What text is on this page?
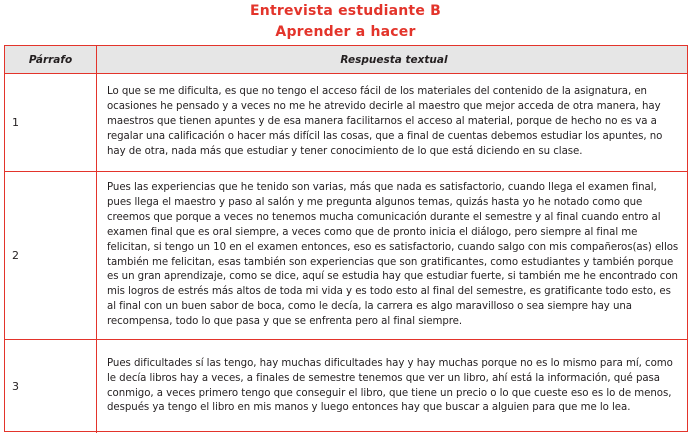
Entrevista estudiante B
Aprender a hacer
Párrafo	Respuesta textual
1

Lo que se me dificulta, es que no tengo el acceso fácil de los materiales del contenido de la asignatura, en ocasiones he pensado y a veces no me he atrevido decirle al maestro que mejor acceda de otra manera, hay maestros que tienen apuntes y de esa manera facilitarnos el acceso al material, porque de hecho no es va a regalar una calificación o hacer más difícil las cosas, que a final de cuentas debemos estudiar los apuntes, no hay de otra, nada más que estudiar y tener conocimiento de lo que está diciendo en su clase.

2

Pues las experiencias que he tenido son varias, más que nada es satisfactorio, cuando llega el examen final, pues llega el maestro y paso al salón y me pregunta algunos temas, quizás hasta yo he notado como que creemos que porque a veces no tenemos mucha comunicación durante el semestre y al final cuando entro al examen final que es oral siempre, a veces como que de pronto inicia el diálogo, pero siempre al final me felicitan, si tengo un 10 en el examen entonces, eso es satisfactorio, cuando salgo con mis compañeros(as) ellos también me felicitan, esas también son experiencias que son gratificantes, como estudiantes y también porque es un gran aprendizaje, como se dice, aquí se estudia hay que estudiar fuerte, si también me he encontrado con mis logros de estrés más altos de toda mi vida y es todo esto al final del semestre, es gratificante todo esto, es al final con un buen sabor de boca, como le decía, la carrera es algo maravilloso o sea siempre hay una recompensa, todo lo que pasa y que se enfrenta pero al final siempre.

3

Pues dificultades sí las tengo, hay muchas dificultades hay y hay muchas porque no es lo mismo para mí, como le decía libros hay a veces, a finales de semestre tenemos que ver un libro, ahí está la información, qué pasa conmigo, a veces primero tengo que conseguir el libro, que tiene un precio o lo que cueste eso es lo de menos, después ya tengo el libro en mis manos y luego entonces hay que buscar a alguien para que me lo lea.
